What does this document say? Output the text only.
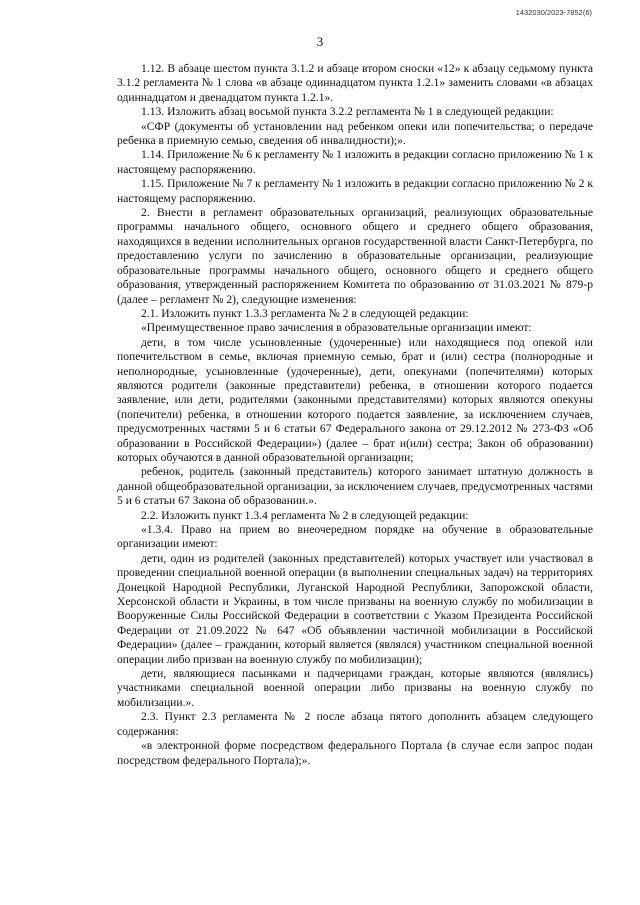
1432030/2023-7852(6)
3

1.12. В абзаце шестом пункта 3.1.2 и абзаце втором сноски «12» к абзацу седьмому пункта 3.1.2 регламента № 1 слова «в абзаце одиннадцатом пункта 1.2.1» заменить словами «в абзацах одиннадцатом и двенадцатом пункта 1.2.1».

1.13. Изложить абзац восьмой пункта 3.2.2 регламента № 1 в следующей редакции:

«СФР (документы об установлении над ребенком опеки или попечительства; о передаче ребенка в приемную семью, сведения об инвалидности);».

1.14. Приложение № 6 к регламенту № 1 изложить в редакции согласно приложению № 1 к настоящему распоряжению.

1.15. Приложение № 7 к регламенту № 1 изложить в редакции согласно приложению № 2 к настоящему распоряжению.

2. Внести в регламент образовательных организаций, реализующих образовательные программы начального общего, основного общего и среднего общего образования, находящихся в ведении исполнительных органов государственной власти Санкт-Петербурга, по предоставлению услуги по зачислению в образовательные организации, реализующие образовательные программы начального общего, основного общего и среднего общего образования, утвержденный распоряжением Комитета по образованию от 31.03.2021 № 879-р (далее – регламент № 2), следующие изменения:

2.1. Изложить пункт 1.3.3 регламента № 2 в следующей редакции:

«Преимущественное право зачисления в образовательные организации имеют:

дети, в том числе усыновленные (удочеренные) или находящиеся под опекой или попечительством в семье, включая приемную семью, брат и (или) сестра (полнородные и неполнородные, усыновленные (удочеренные), дети, опекунами (попечителями) которых являются родители (законные представители) ребенка, в отношении которого подается заявление, или дети, родителями (законными представителями) которых являются опекуны (попечители) ребенка, в отношении которого подается заявление, за исключением случаев, предусмотренных частями 5 и 6 статьи 67 Федерального закона от 29.12.2012 № 273-ФЗ «Об образовании в Российской Федерации») (далее – брат и(или) сестра; Закон об образовании) которых обучаются в данной образовательной организации;

ребенок, родитель (законный представитель) которого занимает штатную должность в данной общеобразовательной организации, за исключением случаев, предусмотренных частями 5 и 6 статьи 67 Закона об образовании.».

2.2. Изложить пункт 1.3.4 регламента № 2 в следующей редакции:

«1.3.4. Право на прием во внеочередном порядке на обучение в образовательные организации имеют:

дети, один из родителей (законных представителей) которых участвует или участвовал в проведении специальной военной операции (в выполнении специальных задач) на территориях Донецкой Народной Республики, Луганской Народной Республики, Запорожской области, Херсонской области и Украины, в том числе призваны на военную службу по мобилизации в Вооруженные Силы Российской Федерации в соответствии с Указом Президента Российской Федерации от 21.09.2022 № 647 «Об объявлении частичной мобилизации в Российской Федерации» (далее – гражданин, который является (являлся) участником специальной военной операции либо призван на военную службу по мобилизации);

дети, являющиеся пасынками и падчерицами граждан, которые являются (являлись) участниками специальной военной операции либо призваны на военную службу по мобилизации.».

2.3. Пункт 2.3 регламента № 2 после абзаца пятого дополнить абзацем следующего содержания:

«в электронной форме посредством федерального Портала (в случае если запрос подан посредством федерального Портала);».
